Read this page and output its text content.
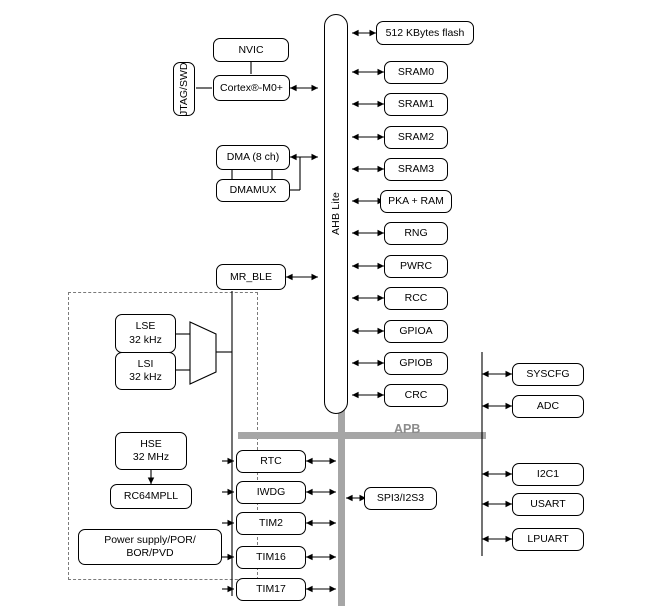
APB
AHB Lite
JTAG/SWD
NVIC
Cortex®-M0+
DMA (8 ch)
DMAMUX
MR_BLE
LSE
32 kHz
LSI
32 kHz
HSE
32 MHz
RC64MPLL
Power supply/POR/
BOR/PVD
RTC
IWDG
TIM2
TIM16
TIM17
SPI3/I2S3
512 KBytes flash
SRAM0
SRAM1
SRAM2
SRAM3
PKA + RAM
RNG
PWRC
RCC
GPIOA
GPIOB
CRC
SYSCFG
ADC
I2C1
USART
LPUART
